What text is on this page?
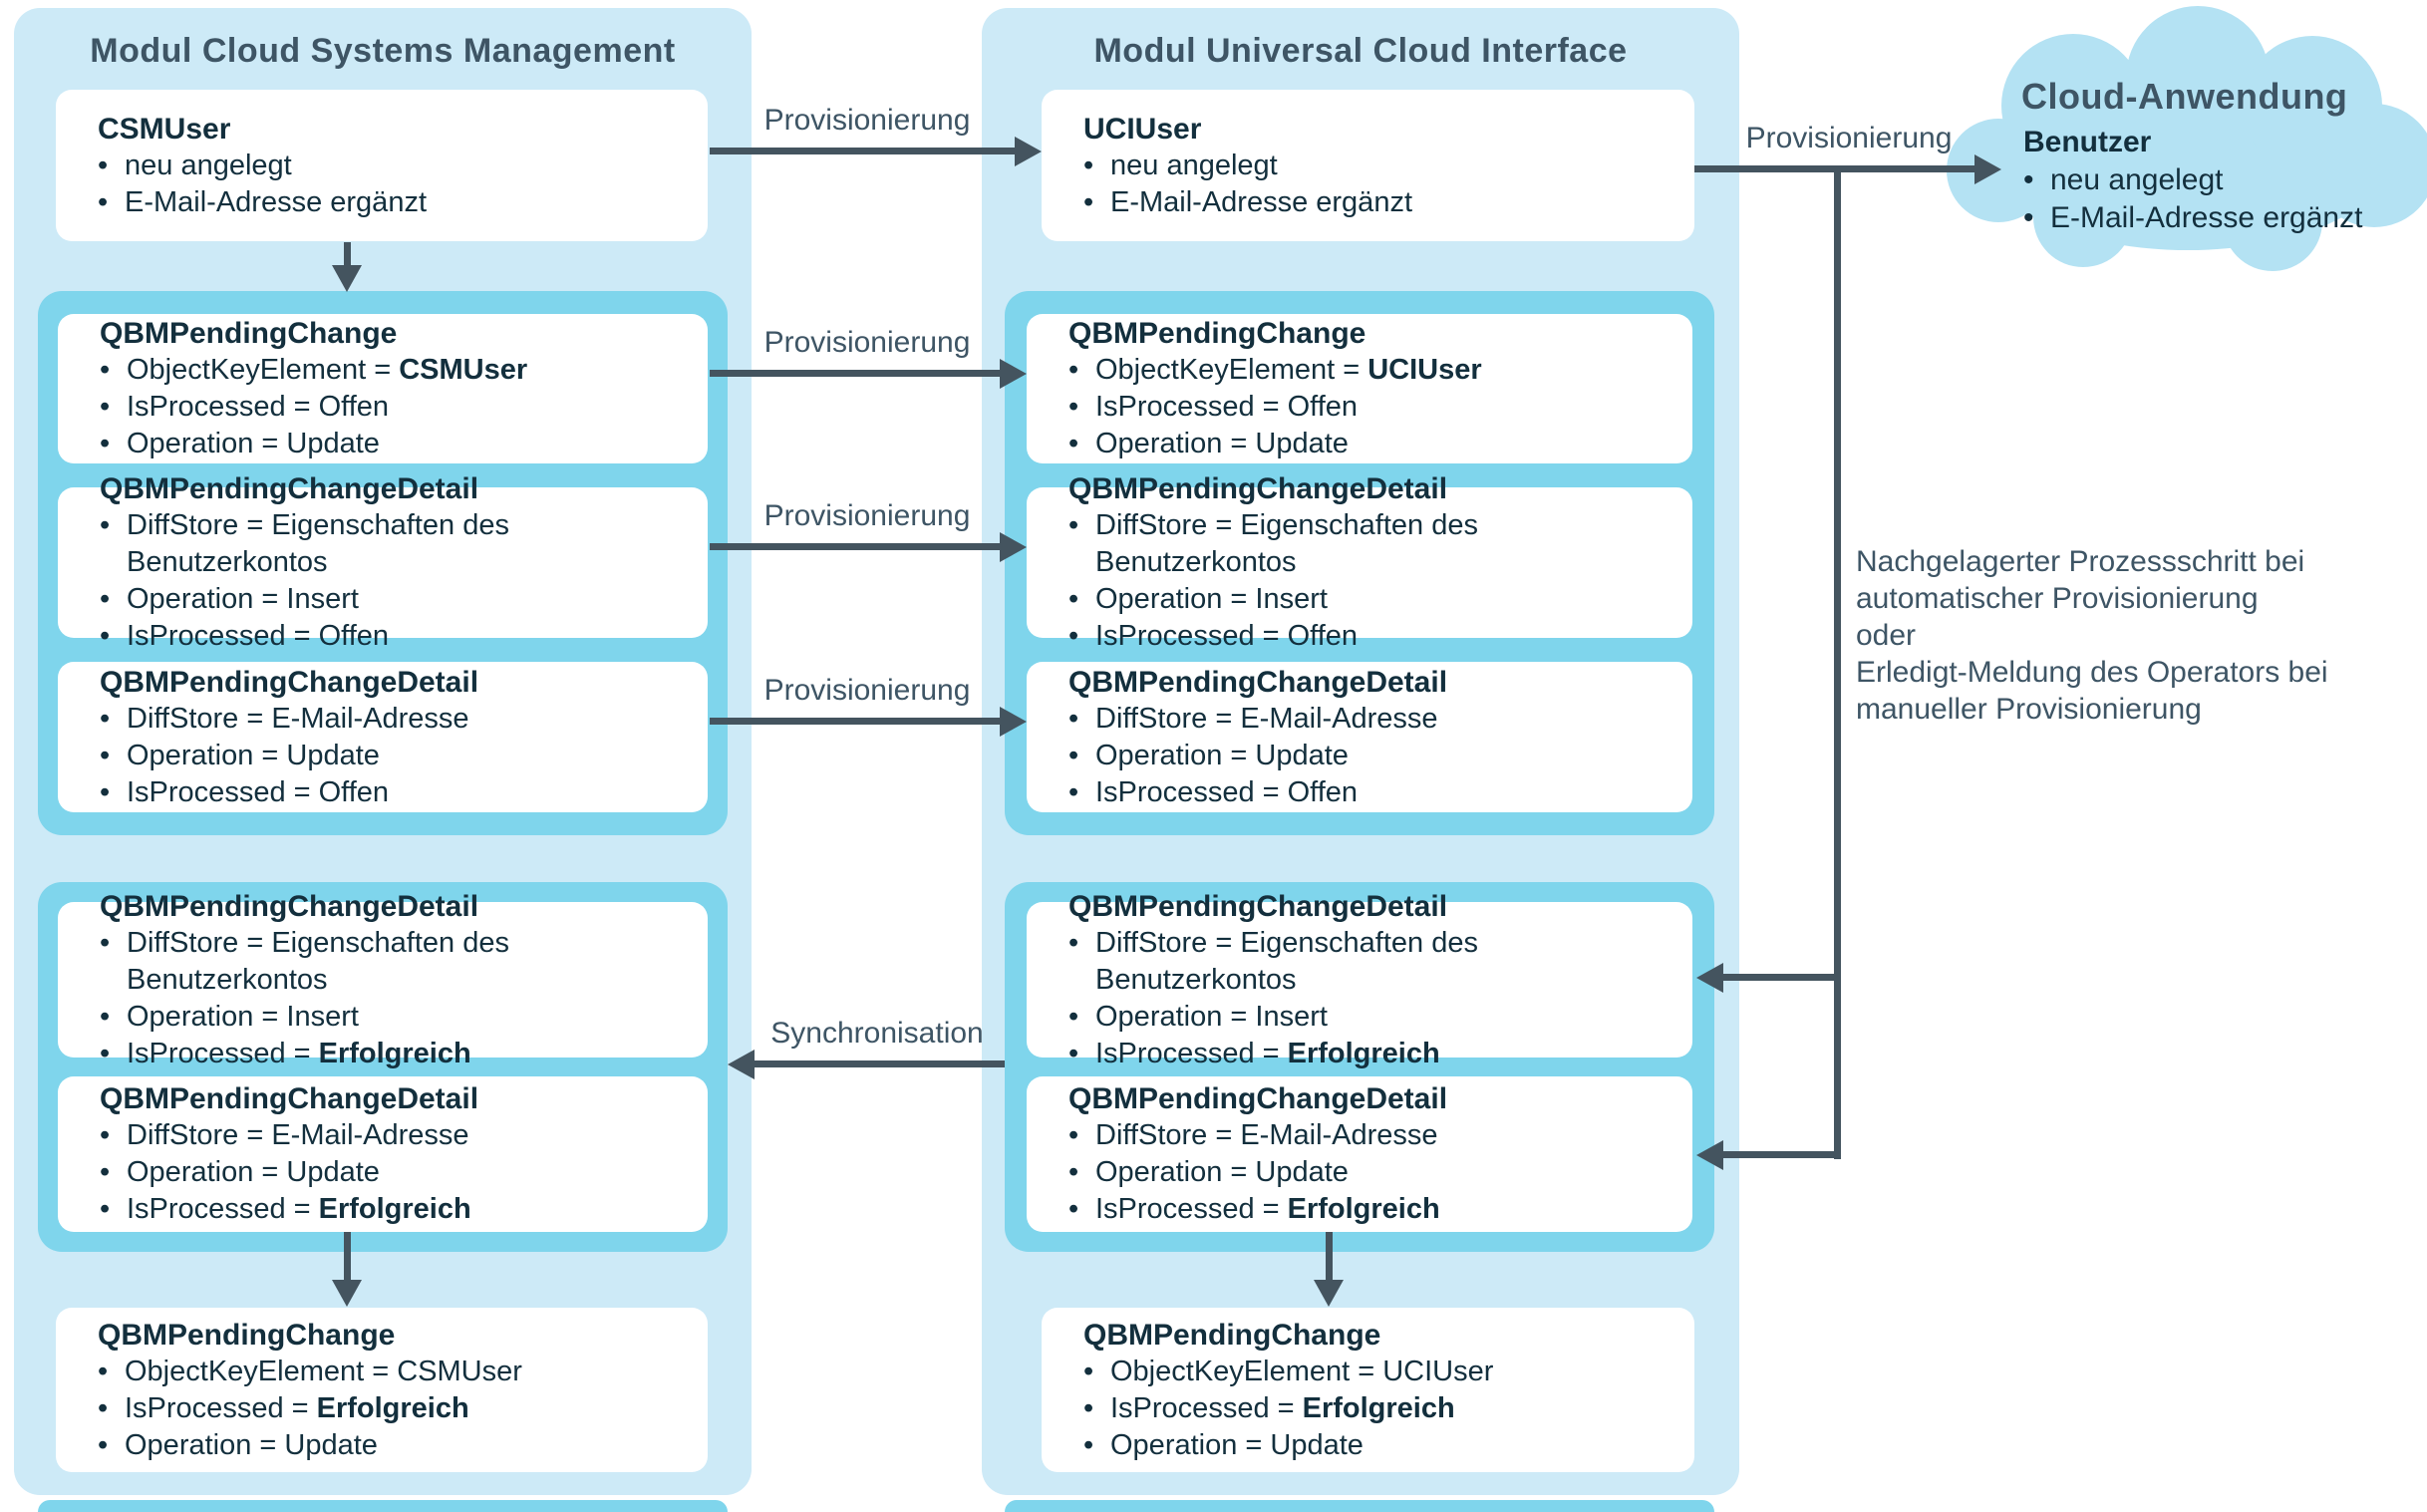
Modul Cloud Systems Management	Modul Universal Cloud Interface
CSMUser
• neu angelegt
• E-Mail-Adresse ergänzt
QBMPendingChange
• ObjectKeyElement = CSMUser
• IsProcessed = Offen
• Operation = Update
QBMPendingChangeDetail
• DiffStore = Eigenschaften des Benutzerkontos
• Operation = Insert
• IsProcessed = Offen
QBMPendingChangeDetail
• DiffStore = E-Mail-Adresse
• Operation = Update
• IsProcessed = Offen
QBMPendingChangeDetail
• DiffStore = Eigenschaften des Benutzerkontos
• Operation = Insert
• IsProcessed = Erfolgreich
QBMPendingChangeDetail
• DiffStore = E-Mail-Adresse
• Operation = Update
• IsProcessed = Erfolgreich
QBMPendingChange
• ObjectKeyElement = CSMUser
• IsProcessed = Erfolgreich
• Operation = Update
UCIUser
• neu angelegt
• E-Mail-Adresse ergänzt
QBMPendingChange
• ObjectKeyElement = UCIUser
• IsProcessed = Offen
• Operation = Update
QBMPendingChangeDetail
• DiffStore = Eigenschaften des Benutzerkontos
• Operation = Insert
• IsProcessed = Offen
QBMPendingChangeDetail
• DiffStore = E-Mail-Adresse
• Operation = Update
• IsProcessed = Offen
QBMPendingChangeDetail
• DiffStore = Eigenschaften des Benutzerkontos
• Operation = Insert
• IsProcessed = Erfolgreich
QBMPendingChangeDetail
• DiffStore = E-Mail-Adresse
• Operation = Update
• IsProcessed = Erfolgreich
QBMPendingChange
• ObjectKeyElement = UCIUser
• IsProcessed = Erfolgreich
• Operation = Update
Cloud-Anwendung
Benutzer
• neu angelegt
• E-Mail-Adresse ergänzt
Nachgelagerter Prozessschritt bei
automatischer Provisionierung
oder
Erledigt-Meldung des Operators bei
manueller Provisionierung
Provisionierung
Provisionierung
Provisionierung
Provisionierung
Provisionierung
Synchronisation
